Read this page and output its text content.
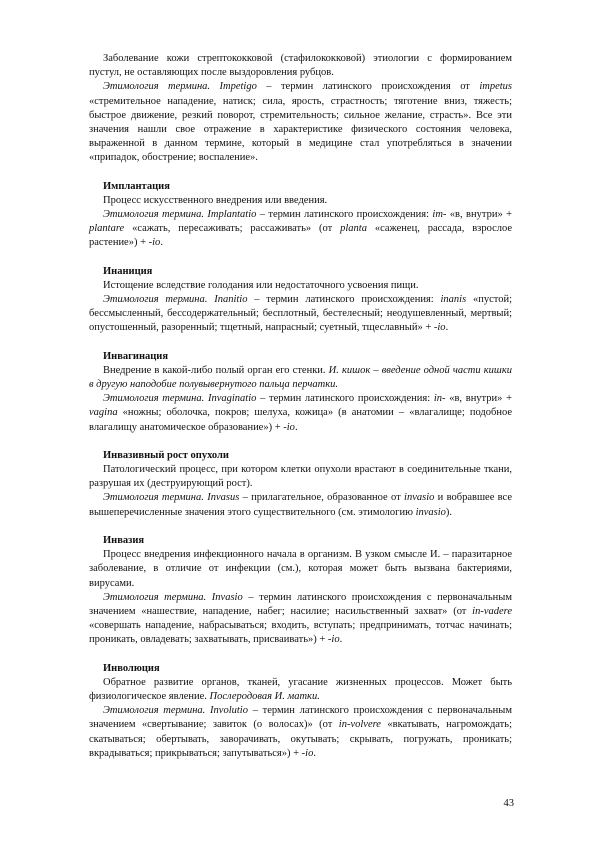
Заболевание кожи стрептококковой (стафилококковой) этиологии с формированием пустул, не оставляющих после выздоровления рубцов.

Этимология термина. Impetigo – термин латинского происхождения от impetus «стремительное нападение, натиск; сила, ярость, страстность; тяготение вниз, тяжесть; быстрое движение, резкий поворот, стремительность; сильное желание, страсть». Все эти значения нашли свое отражение в характеристике физического состояния человека, выраженной в данном термине, который в медицине стал употребляться в значении «припадок, обострение; воспаление».

Имплантация

Процесс искусственного внедрения или введения.

Этимология термина. Implantatio – термин латинского происхождения: im- «в, внутри» + plantare «сажать, пересаживать; рассаживать» (от planta «саженец, рассада, взрослое растение») + -io.

Инаниция

Истощение вследствие голодания или недостаточного усвоения пищи.

Этимология термина. Inanitio – термин латинского происхождения: inanis «пустой; бессмысленный, бессодержательный; бесплотный, бестелесный; неодушевленный, мертвый; опустошенный, разоренный; тщетный, напрасный; суетный, тщеславный» + -io.

Инвагинация

Внедрение в какой-либо полый орган его стенки. И. кишок – введение одной части кишки в другую наподобие полувывернутого пальца перчатки.

Этимология термина. Invaginatio – термин латинского происхождения: in- «в, внутри» + vagina «ножны; оболочка, покров; шелуха, кожица» (в анатомии – «влагалище; подобное влагалищу анатомическое образование») + -io.

Инвазивный рост опухоли

Патологический процесс, при котором клетки опухоли врастают в соединительные ткани, разрушая их (деструирующий рост).

Этимология термина. Invasus – прилагательное, образованное от invasio и вобравшее все вышеперечисленные значения этого существительного (см. этимологию invasio).

Инвазия

Процесс внедрения инфекционного начала в организм. В узком смысле И. – паразитарное заболевание, в отличие от инфекции (см.), которая может быть вызвана бактериями, вирусами.

Этимология термина. Invasio – термин латинского происхождения с первоначальным значением «нашествие, нападение, набег; насилие; насильственный захват» (от in-vadere «совершать нападение, набрасываться; входить, вступать; предпринимать, тотчас начинать; проникать, овладевать; захватывать, присваивать») + -io.

Инволюция

Обратное развитие органов, тканей, угасание жизненных процессов. Может быть физиологическое явление. Послеродовая И. матки.

Этимология термина. Involutio – термин латинского происхождения с первоначальным значением «свертывание; завиток (о волосах)» (от in-volvere «вкатывать, нагромождать; скатываться; обертывать, заворачивать, окутывать; скрывать, погружать, проникать; вкрадываться; прикрываться; запутываться») + -io.

43
